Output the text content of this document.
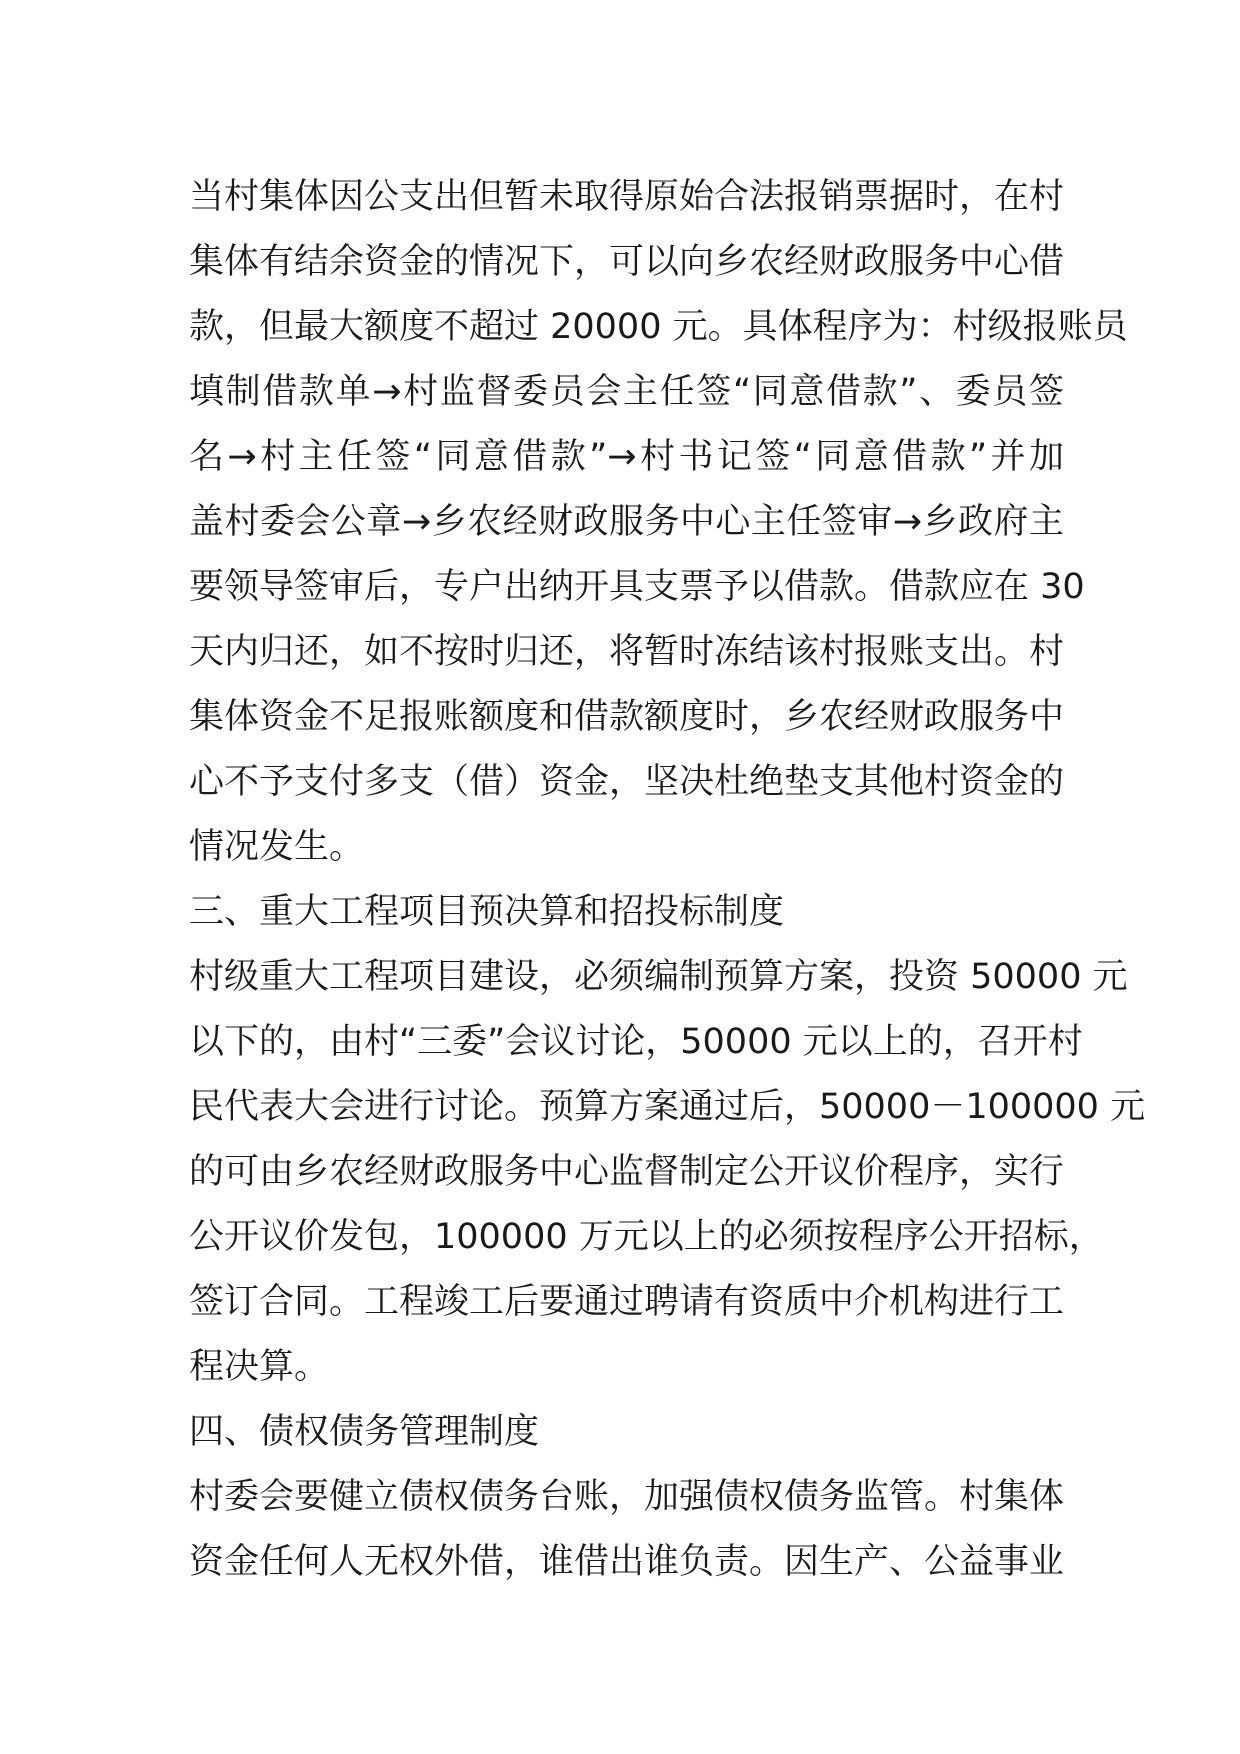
当村集体因公支出但暂未取得原始合法报销票据时，在村
集体有结余资金的情况下，可以向乡农经财政服务中心借
款，但最大额度不超过 20000 元。具体程序为：村级报账员
填制借款单→村监督委员会主任签“同意借款”、委员签
名→村主任签“同意借款”→村书记签“同意借款”并加
盖村委会公章→乡农经财政服务中心主任签审→乡政府主
要领导签审后，专户出纳开具支票予以借款。借款应在 30
天内归还，如不按时归还，将暂时冻结该村报账支出。村
集体资金不足报账额度和借款额度时，乡农经财政服务中
心不予支付多支（借）资金，坚决杜绝垫支其他村资金的
情况发生。
三、重大工程项目预决算和招投标制度
村级重大工程项目建设，必须编制预算方案，投资 50000 元
以下的，由村“三委”会议讨论，50000 元以上的，召开村
民代表大会进行讨论。预算方案通过后，50000－100000 元
的可由乡农经财政服务中心监督制定公开议价程序，实行
公开议价发包，100000 万元以上的必须按程序公开招标，
签订合同。工程竣工后要通过聘请有资质中介机构进行工
程决算。
四、债权债务管理制度
村委会要健立债权债务台账，加强债权债务监管。村集体
资金任何人无权外借，谁借出谁负责。因生产、公益事业
